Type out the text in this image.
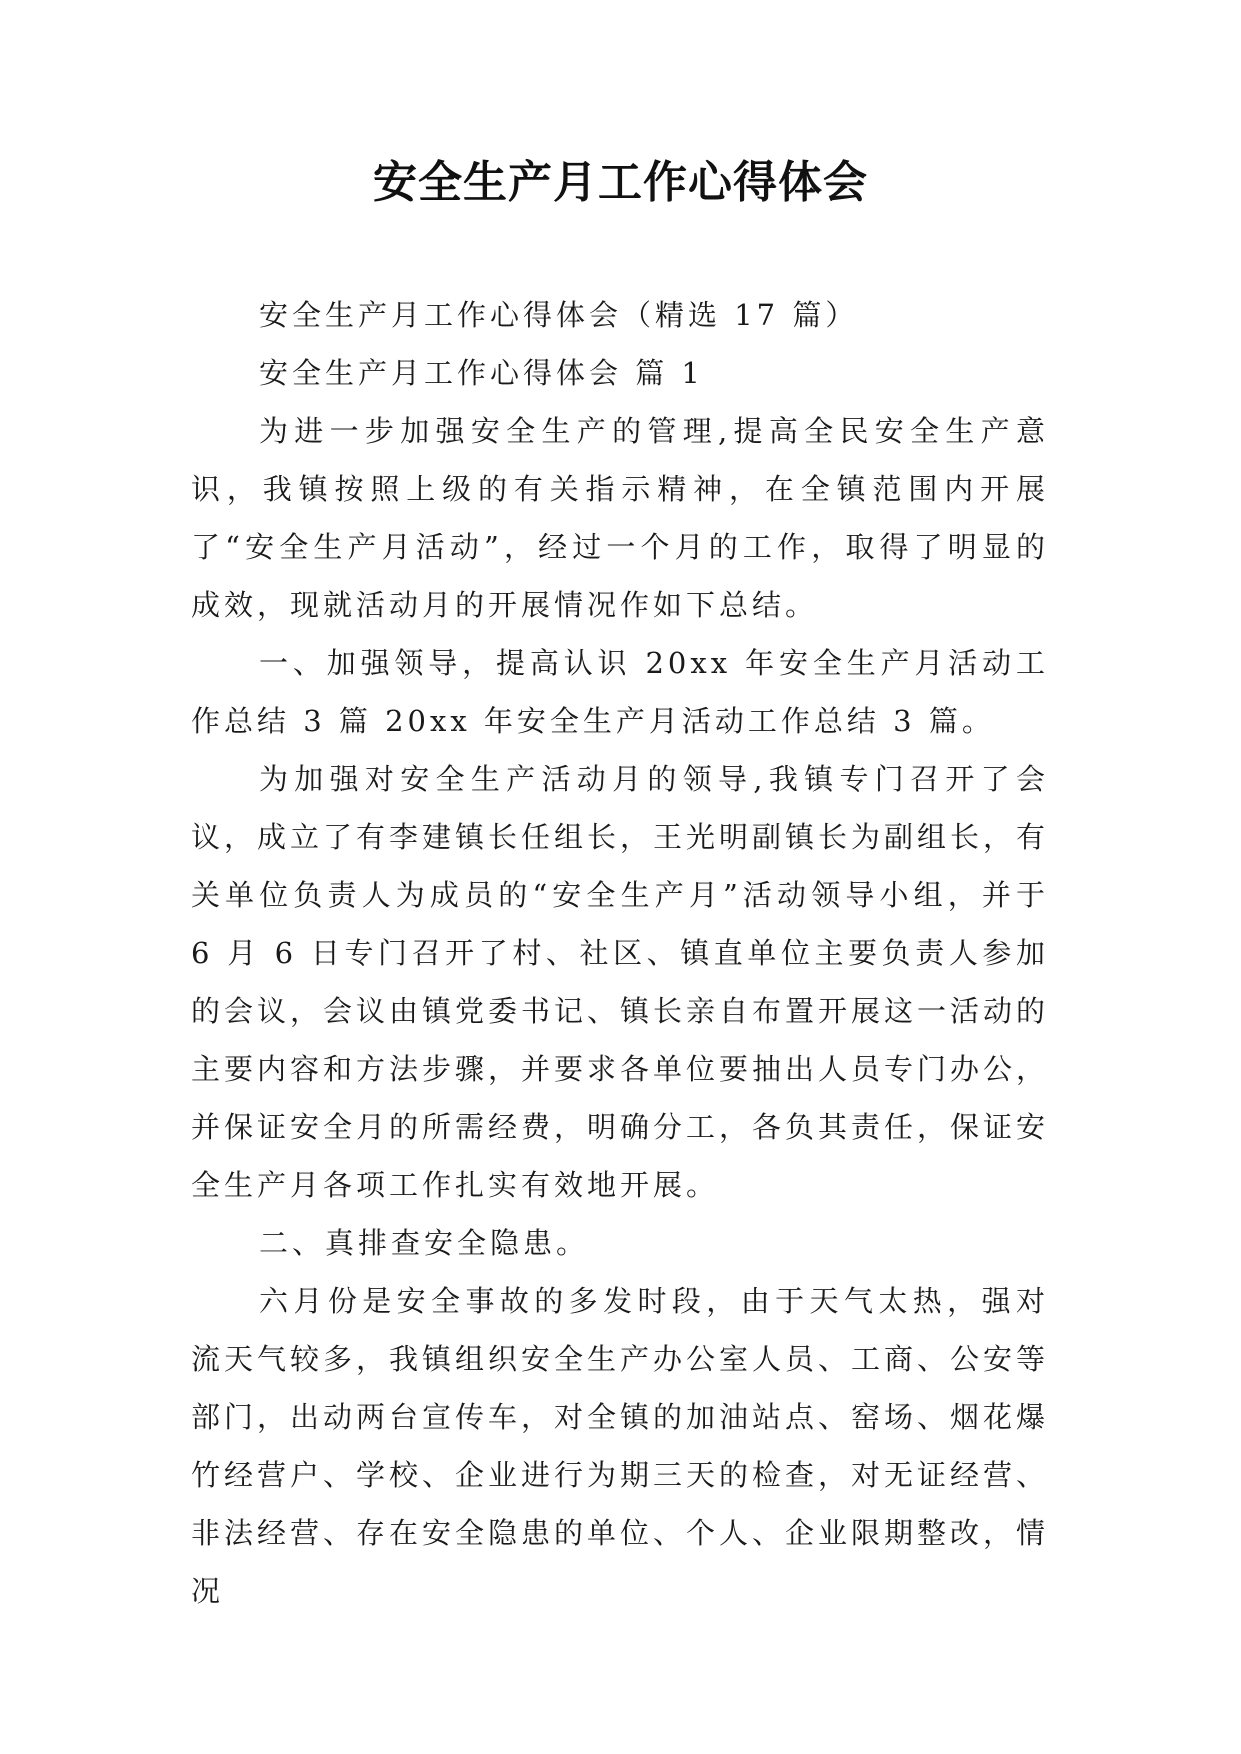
安全生产月工作心得体会

安全生产月工作心得体会（精选 17 篇）

安全生产月工作心得体会 篇 1

为进一步加强安全生产的管理,提高全民安全生产意识，我镇按照上级的有关指示精神，在全镇范围内开展了“安全生产月活动”，经过一个月的工作，取得了明显的成效，现就活动月的开展情况作如下总结。

一、加强领导，提高认识 20xx 年安全生产月活动工作总结 3 篇 20xx 年安全生产月活动工作总结 3 篇。

为加强对安全生产活动月的领导,我镇专门召开了会议，成立了有李建镇长任组长，王光明副镇长为副组长，有关单位负责人为成员的“安全生产月”活动领导小组，并于 6 月 6 日专门召开了村、社区、镇直单位主要负责人参加的会议，会议由镇党委书记、镇长亲自布置开展这一活动的主要内容和方法步骤，并要求各单位要抽出人员专门办公，并保证安全月的所需经费，明确分工，各负其责任，保证安全生产月各项工作扎实有效地开展。

二、真排查安全隐患。

六月份是安全事故的多发时段，由于天气太热，强对流天气较多，我镇组织安全生产办公室人员、工商、公安等部门，出动两台宣传车，对全镇的加油站点、窑场、烟花爆竹经营户、学校、企业进行为期三天的检查，对无证经营、非法经营、存在安全隐患的单位、个人、企业限期整改，情况
